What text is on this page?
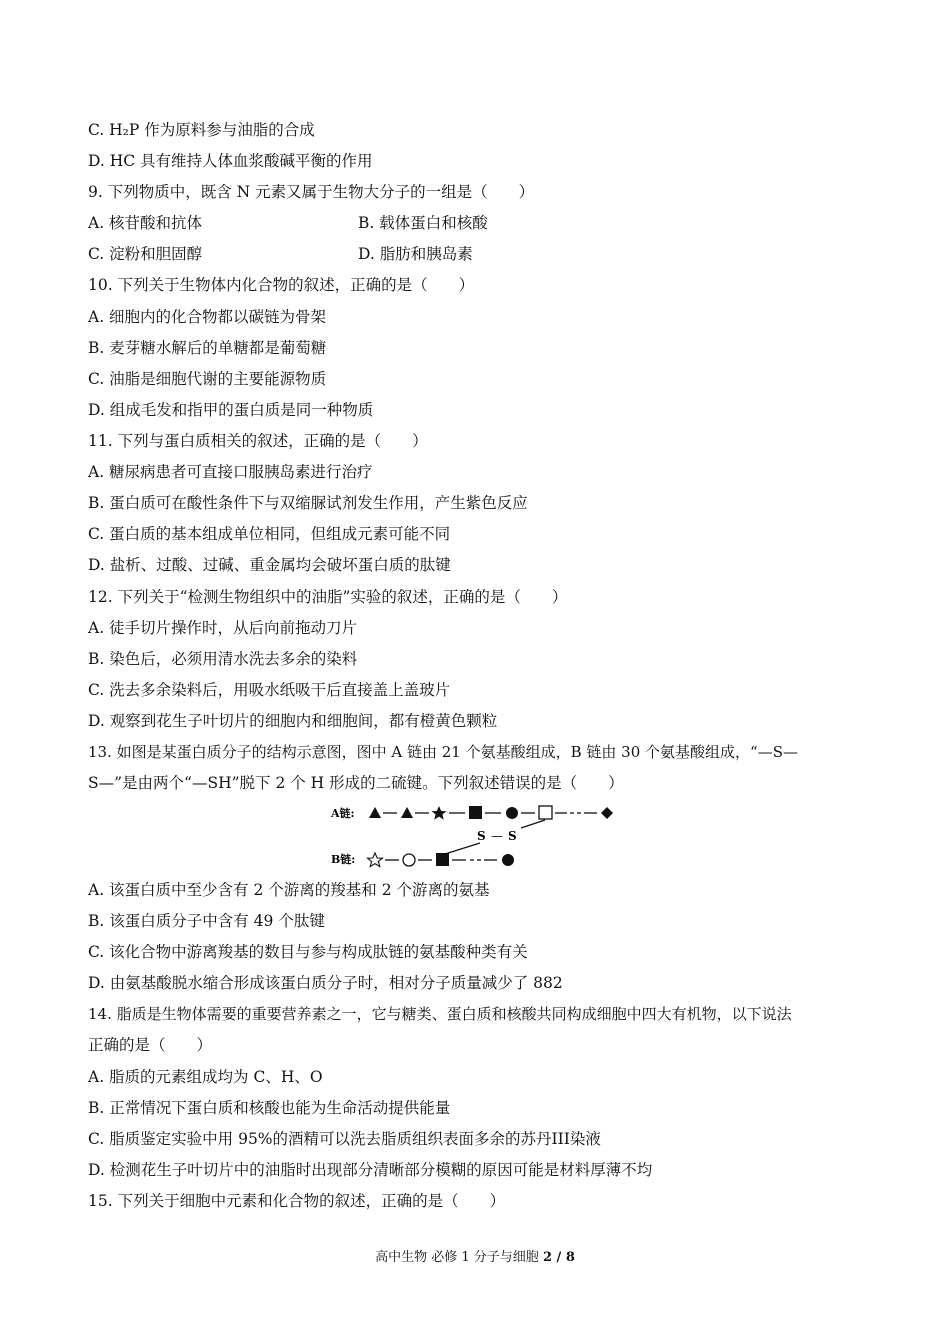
C. H₂P 作为原料参与油脂的合成
D. HC 具有维持人体血浆酸碱平衡的作用
9. 下列物质中，既含 N 元素又属于生物大分子的一组是（　　）
A. 核苷酸和抗体	B. 载体蛋白和核酸
C. 淀粉和胆固醇	D. 脂肪和胰岛素
10. 下列关于生物体内化合物的叙述，正确的是（　　）
A. 细胞内的化合物都以碳链为骨架
B. 麦芽糖水解后的单糖都是葡萄糖
C. 油脂是细胞代谢的主要能源物质
D. 组成毛发和指甲的蛋白质是同一种物质
11. 下列与蛋白质相关的叙述，正确的是（　　）
A. 糖尿病患者可直接口服胰岛素进行治疗
B. 蛋白质可在酸性条件下与双缩脲试剂发生作用，产生紫色反应
C. 蛋白质的基本组成单位相同，但组成元素可能不同
D. 盐析、过酸、过碱、重金属均会破坏蛋白质的肽键
12. 下列关于“检测生物组织中的油脂”实验的叙述，正确的是（　　）
A. 徒手切片操作时，从后向前拖动刀片
B. 染色后，必须用清水洗去多余的染料
C. 洗去多余染料后，用吸水纸吸干后直接盖上盖玻片
D. 观察到花生子叶切片的细胞内和细胞间，都有橙黄色颗粒
13. 如图是某蛋白质分子的结构示意图，图中 A 链由 21 个氨基酸组成，B 链由 30 个氨基酸组成，“—S—
S—”是由两个“—SH”脱下 2 个 H 形成的二硫键。下列叙述错误的是（　　）
A链:
S — S
B链:
A. 该蛋白质中至少含有 2 个游离的羧基和 2 个游离的氨基
B. 该蛋白质分子中含有 49 个肽键
C. 该化合物中游离羧基的数目与参与构成肽链的氨基酸种类有关
D. 由氨基酸脱水缩合形成该蛋白质分子时，相对分子质量减少了 882
14. 脂质是生物体需要的重要营养素之一，它与糖类、蛋白质和核酸共同构成细胞中四大有机物，以下说法
正确的是（　　）
A. 脂质的元素组成均为 C、H、O
B. 正常情况下蛋白质和核酸也能为生命活动提供能量
C. 脂质鉴定实验中用 95%的酒精可以洗去脂质组织表面多余的苏丹III染液
D. 检测花生子叶切片中的油脂时出现部分清晰部分模糊的原因可能是材料厚薄不均
15. 下列关于细胞中元素和化合物的叙述，正确的是（　　）
高中生物 必修 1 分子与细胞 2 / 8
